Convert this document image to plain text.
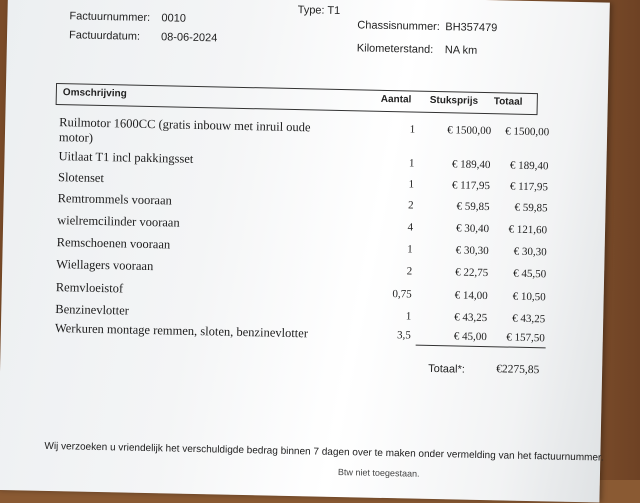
Type: T1
Factuurnummer: 0010
Factuurdatum: 08-06-2024
Chassisnummer: BH357479
Kilometerstand: NA km
Omschrijving
Aantal Stuksprijs Totaal
Ruilmotor 1600CC (gratis inbouw met inruil oude motor)
1	€ 1500,00	€ 1500,00
Uitlaat T1 incl pakkingsset	1	€ 189,40	€ 189,40
Slotenset	1	€ 117,95	€ 117,95
Remtrommels vooraan	2	€ 59,85	€ 59,85
wielremcilinder vooraan	4	€ 30,40	€ 121,60
Remschoenen vooraan	1	€ 30,30	€ 30,30
Wiellagers vooraan	2	€ 22,75	€ 45,50
Remvloeistof	0,75	€ 14,00	€ 10,50
Benzinevlotter	1	€ 43,25	€ 43,25
Werkuren montage remmen, sloten, benzinevlotter	3,5	€ 45,00	€ 157,50
Totaal*:	€2275,85
Wij verzoeken u vriendelijk het verschuldigde bedrag binnen 7 dagen over te maken onder vermelding van het factuurnummer.
Btw niet toegestaan.
